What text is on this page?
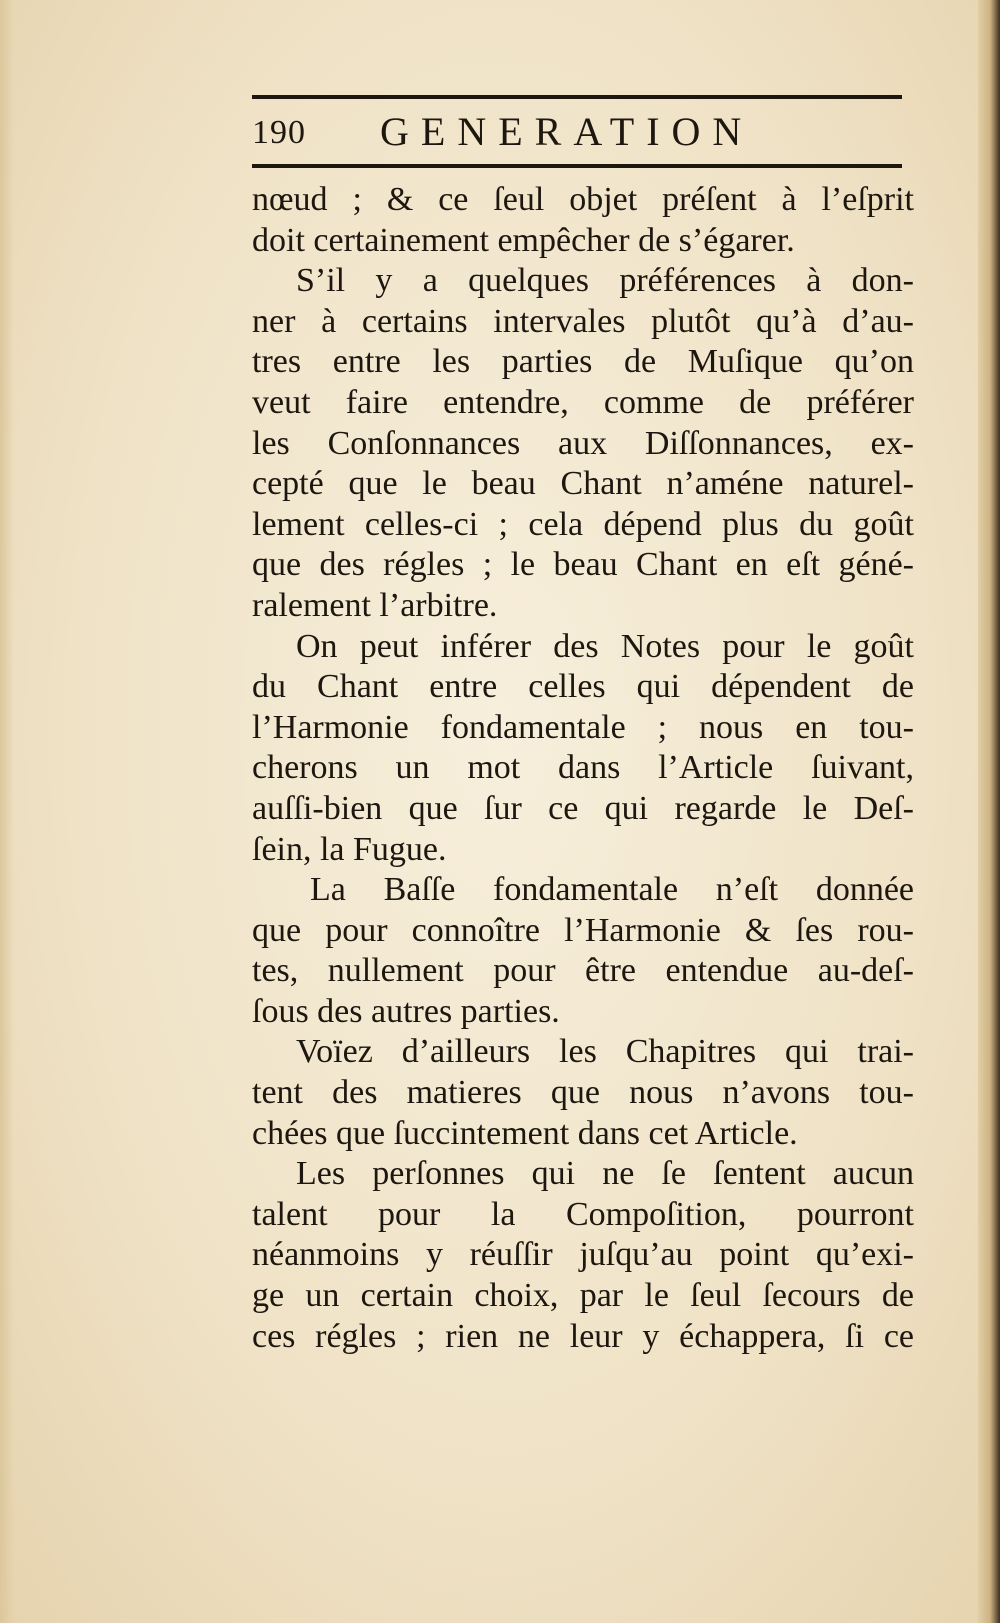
190 GENERATION
nœud ; & ce ſeul objet préſent à l’eſprit
doit certainement empêcher de s’égarer.
S’il y a quelques préférences à don-
ner à certains intervales plutôt qu’à d’au-
tres entre les parties de Muſique qu’on
veut faire entendre, comme de préférer
les Conſonnances aux Diſſonnances, ex-
cepté que le beau Chant n’améne naturel-
lement celles-ci ; cela dépend plus du goût
que des régles ; le beau Chant en eſt géné-
ralement l’arbitre.
On peut inférer des Notes pour le goût
du Chant entre celles qui dépendent de
l’Harmonie fondamentale ; nous en tou-
cherons un mot dans l’Article ſuivant,
auſſi-bien que ſur ce qui regarde le Deſ-
ſein, la Fugue.
La Baſſe fondamentale n’eſt donnée
que pour connoître l’Harmonie & ſes rou-
tes, nullement pour être entendue au-deſ-
ſous des autres parties.
Voïez d’ailleurs les Chapitres qui trai-
tent des matieres que nous n’avons tou-
chées que ſuccintement dans cet Article.
Les perſonnes qui ne ſe ſentent aucun
talent pour la Compoſition, pourront
néanmoins y réuſſir juſqu’au point qu’exi-
ge un certain choix, par le ſeul ſecours de
ces régles ; rien ne leur y échappera, ſi ce
